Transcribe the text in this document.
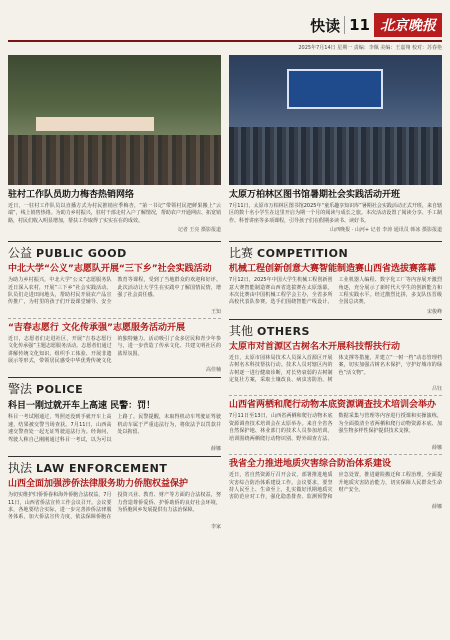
快读 11 北京晚报
2025年7月14日 星期一 责编：李佩 美编：王嘉翔 校对：苏春艳
驻村工作队员助力梅杏热销网络
近日，一驻村工作队员以直播方式为村民推销应季梅杏，“第一书记”带领村民把鲜果搬上“云端”，线上销售热络。为助力乡村振兴，驻村干部走村入户了解情况，帮助农户开通网店、拓宽销路，村民们收入明显增加，帮扶工作取得了实实在在的成效。
记者 王亮 摄影报道
太原万柏林区图书馆暑期社会实践活动开班
7月11日，太原市万柏林区图书馆2025年“童乐趣享知识库”暑期社会实践活动正式开班，来自辖区的数十名小学生在这里开启为期一个月的阅读与成长之旅。本次活动设置了阅读分享、手工制作、科普讲座等多项课程，引导孩子们在假期多读书、读好书。
山西晚报 · 山河+ 记者 李涛 通讯员 韩冰 摄影报道
公益 PUBLIC GOOD
中北大学“公义”志愿队开展“三下乡”社会实践活动
为助力乡村振兴，中北大学“公义”志愿服务队近日深入农村，开展“三下乡”社会实践活动。队员们走进田间地头，帮助村民开展农产品宣传推广，为村里的孩子们开设课堂辅导、安全教育等课程，受到了当地群众的欢迎和好评。此次活动让大学生在实践中了解国情民情，增强了社会责任感。
王知
“吉春志愿行 文化传承强”志愿服务活动开展
近日，志愿者们走进社区，开展“吉春志愿行 文化传承强”主题志愿服务活动。志愿者们通过讲解传统文化知识、组织手工体验、开展非遗展示等形式，带领居民感受中华优秀传统文化的独特魅力。活动吸引了众多居民和青少年参与，进一步营造了传承文化、共建文明社区的浓厚氛围。
高佳楠
警法 POLICE
科目一刚过就开车上高速 民警：罚！
科目一考试刚通过，驾照还没到手就开车上高速，结果被交警当场查获。7月11日，山西高速交警查处一起无证驾驶违法行为。经询问，驾驶人称自己刚刚通过科目一考试，以为可以上路了。民警提醒，未取得机动车驾驶证驾驶机动车属于严重违法行为，将依法予以罚款并处以拘留。
薛娜
执法 LAW ENFORCEMENT
山西全面加强涉侨法律服务助力侨胞权益保护
为切实维护归侨侨眷和海外侨胞合法权益，7月11日，山西省侨法宣传工作会议召开。会议要求，各地要结合实际，进一步完善涉侨法律服务体系，加大侨法宣传力度，依法保障侨胞在投资兴业、教育、财产等方面的合法权益，努力营造尊侨爱侨、护侨助侨的良好社会环境，为侨胞回乡发展提供有力法治保障。
李家
比赛 COMPETITION
机械工程创新创意大赛智能制造赛山西省选拔赛落幕
7月12日，2025年中国大学生机械工程创新创意大赛智能制造赛山西省选拔赛在太原落幕。本次比赛由中国机械工程学会主办，全省多所高校代表队参赛。选手们围绕智能产线设计、工业机器人编程、数字化工厂等内容展开激烈角逐，充分展示了新时代大学生的创新能力和工程实践水平。经过激烈比拼，多支队伍晋级全国总决赛。
宋俊峰
其他 OTHERS
太原市对首源区古树名木开展科技帮扶行动
近日，太原市园林局技术人员深入首源区开展古树名木科技帮扶行动。技术人员对辖区内的古树逐一进行健康诊断，对长势衰弱的古树制定复壮方案，采取土壤改良、病虫害防治、树体支撑等措施，并建立“一树一档”动态管理档案，切实加强古树名木保护，守护好城市的绿色“活文物”。
吕钰
山西省两栖和爬行动物本底资源调查技术培训会举办
7月11日至13日，山西省两栖和爬行动物本底资源调查技术培训会在太原举办。来自全省各自然保护地、林业部门的技术人员参加培训。培训围绕两栖爬行动物识别、野外调查方法、数据采集与管理等内容进行授课和实操演练，为全面摸清全省两栖和爬行动物资源本底、加强生物多样性保护提供技术支撑。
薛娜
我省全力推进地质灾害综合防治体系建设
近日，省自然资源厅召开会议，部署推进地质灾害综合防治体系建设工作。会议要求，要坚持人民至上、生命至上，扎实做好汛期地质灾害防范应对工作，强化隐患排查、监测预警和应急处置，推进避险搬迁和工程治理，全面提升地质灾害防治能力，切实保障人民群众生命财产安全。
薛娜
